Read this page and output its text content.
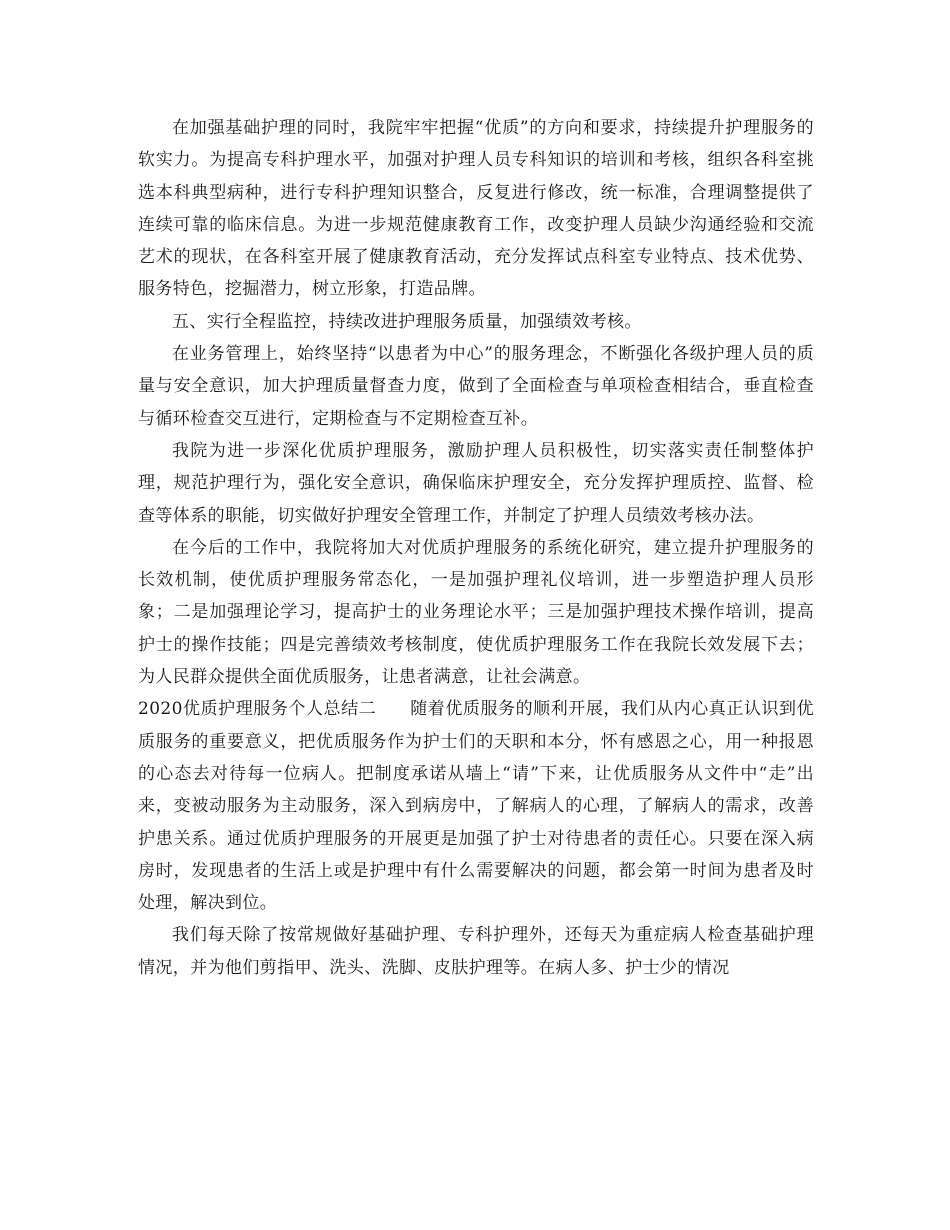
在加强基础护理的同时，我院牢牢把握“优质”的方向和要求，持续提升护理服务的软实力。为提高专科护理水平，加强对护理人员专科知识的培训和考核，组织各科室挑选本科典型病种，进行专科护理知识整合，反复进行修改，统一标准，合理调整提供了连续可靠的临床信息。为进一步规范健康教育工作，改变护理人员缺少沟通经验和交流艺术的现状，在各科室开展了健康教育活动，充分发挥试点科室专业特点、技术优势、服务特色，挖掘潜力，树立形象，打造品牌。

五、实行全程监控，持续改进护理服务质量，加强绩效考核。

在业务管理上，始终坚持“以患者为中心”的服务理念，不断强化各级护理人员的质量与安全意识，加大护理质量督查力度，做到了全面检查与单项检查相结合，垂直检查与循环检查交互进行，定期检查与不定期检查互补。

我院为进一步深化优质护理服务，激励护理人员积极性，切实落实责任制整体护理，规范护理行为，强化安全意识，确保临床护理安全，充分发挥护理质控、监督、检查等体系的职能，切实做好护理安全管理工作，并制定了护理人员绩效考核办法。

在今后的工作中，我院将加大对优质护理服务的系统化研究，建立提升护理服务的长效机制，使优质护理服务常态化，一是加强护理礼仪培训，进一步塑造护理人员形象；二是加强理论学习，提高护士的业务理论水平；三是加强护理技术操作培训，提高护士的操作技能；四是完善绩效考核制度，使优质护理服务工作在我院长效发展下去；为人民群众提供全面优质服务，让患者满意，让社会满意。

2020优质护理服务个人总结二 随着优质服务的顺利开展，我们从内心真正认识到优质服务的重要意义，把优质服务作为护士们的天职和本分，怀有感恩之心，用一种报恩的心态去对待每一位病人。把制度承诺从墙上“请”下来，让优质服务从文件中“走”出来，变被动服务为主动服务，深入到病房中，了解病人的心理，了解病人的需求，改善护患关系。通过优质护理服务的开展更是加强了护士对待患者的责任心。只要在深入病房时，发现患者的生活上或是护理中有什么需要解决的问题，都会第一时间为患者及时处理，解决到位。

我们每天除了按常规做好基础护理、专科护理外，还每天为重症病人检查基础护理情况，并为他们剪指甲、洗头、洗脚、皮肤护理等。在病人多、护士少的情况
